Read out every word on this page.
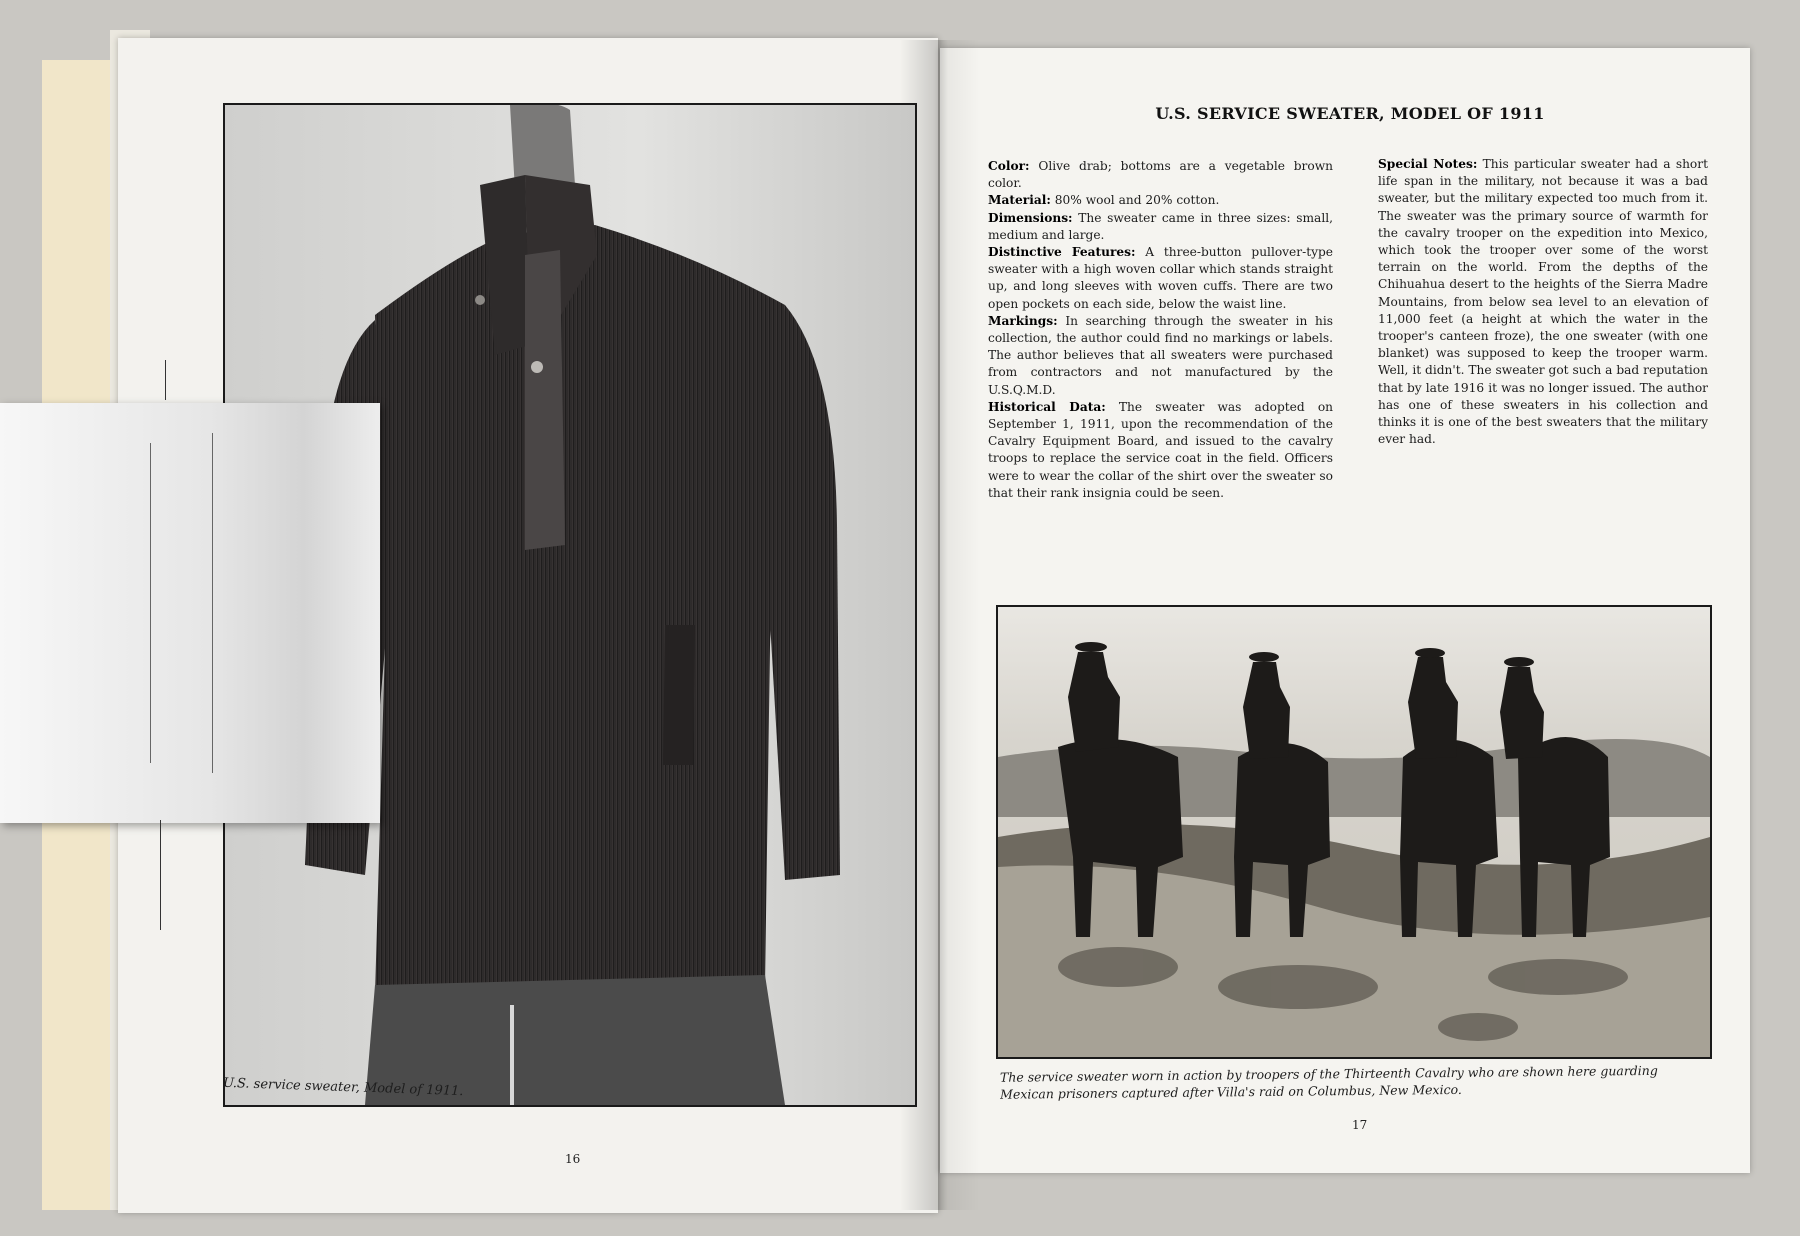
U.S. service sweater, Model of 1911.
16
U.S. SERVICE SWEATER, MODEL OF 1911

Color: Olive drab; bottoms are a vegetable brown color.

Material: 80% wool and 20% cotton.

Dimensions: The sweater came in three sizes: small, medium and large.

Distinctive Features: A three-button pullover-type sweater with a high woven collar which stands straight up, and long sleeves with woven cuffs. There are two open pockets on each side, below the waist line.

Markings: In searching through the sweater in his collection, the author could find no markings or labels. The author believes that all sweaters were purchased from contractors and not manufactured by the U.S.Q.M.D.

Historical Data: The sweater was adopted on September 1, 1911, upon the recommendation of the Cavalry Equipment Board, and issued to the cavalry troops to replace the service coat in the field. Officers were to wear the collar of the shirt over the sweater so that their rank insignia could be seen.

Special Notes: This particular sweater had a short life span in the military, not because it was a bad sweater, but the military expected too much from it. The sweater was the primary source of warmth for the cavalry trooper on the expedition into Mexico, which took the trooper over some of the worst terrain on the world. From the depths of the Chihuahua desert to the heights of the Sierra Madre Mountains, from below sea level to an elevation of 11,000 feet (a height at which the water in the trooper's canteen froze), the one sweater (with one blanket) was supposed to keep the trooper warm. Well, it didn't. The sweater got such a bad reputation that by late 1916 it was no longer issued. The author has one of these sweaters in his collection and thinks it is one of the best sweaters that the military ever had.

The service sweater worn in action by troopers of the Thirteenth Cavalry who are shown here guarding Mexican prisoners captured after Villa's raid on Columbus, New Mexico.
17
